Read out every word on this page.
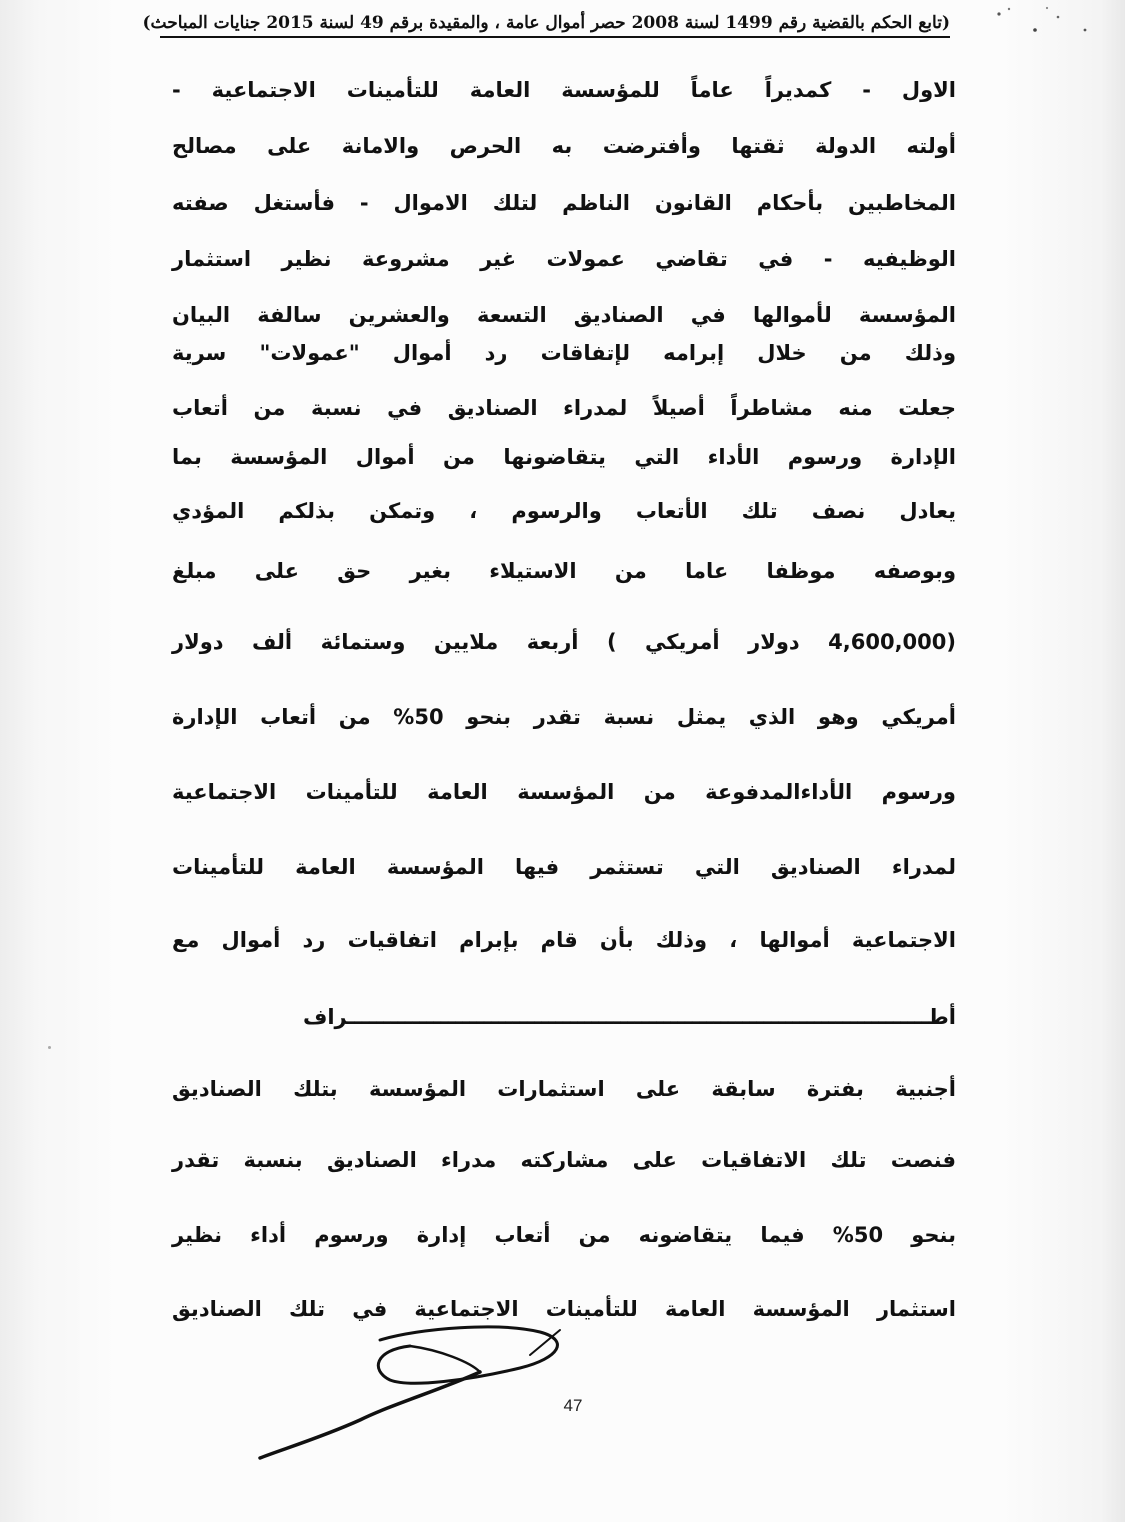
(تابع الحكم بالقضية رقم 1499 لسنة 2008 حصر أموال عامة ، والمقيدة برقم 49 لسنة 2015 جنايات المباحث)
الاول - كمديراً عاماً للمؤسسة العامة للتأمينات الاجتماعية -
أولته الدولة ثقتها وأفترضت به الحرص والامانة على مصالح
المخاطبين بأحكام القانون الناظم لتلك الاموال - فأستغل صفته
الوظيفيه - في تقاضي عمولات غير مشروعة نظير استثمار
المؤسسة لأموالها في الصناديق التسعة والعشرين سالفة البيان
وذلك من خلال إبرامه لإتفاقات رد أموال "عمولات" سرية
جعلت منه مشاطراً أصيلاً لمدراء الصناديق في نسبة من أتعاب
الإدارة ورسوم الأداء التي يتقاضونها من أموال المؤسسة بما
يعادل نصف تلك الأتعاب والرسوم ، وتمكن بذلكم المؤدي
وبوصفه موظفا عاما من الاستيلاء بغير حق على مبلغ
(4,600,000 دولار أمريكي ) أربعة ملايين وستمائة ألف دولار
أمريكي وهو الذي يمثل نسبة تقدر بنحو 50% من أتعاب الإدارة
ورسوم الأداءالمدفوعة من المؤسسة العامة للتأمينات الاجتماعية
لمدراء الصناديق التي تستثمر فيها المؤسسة العامة للتأمينات
الاجتماعية أموالها ، وذلك بأن قام بإبرام اتفاقيات رد أموال مع
أطـــــــــــــــــــــــــــــــــــــــــــــــــــــــــــــــــــــــــــــــــراف
أجنبية بفترة سابقة على استثمارات المؤسسة بتلك الصناديق
فنصت تلك الاتفاقيات على مشاركته مدراء الصناديق بنسبة تقدر
بنحو 50% فيما يتقاضونه من أتعاب إدارة ورسوم أداء نظير
استثمار المؤسسة العامة للتأمينات الاجتماعية في تلك الصناديق
47
